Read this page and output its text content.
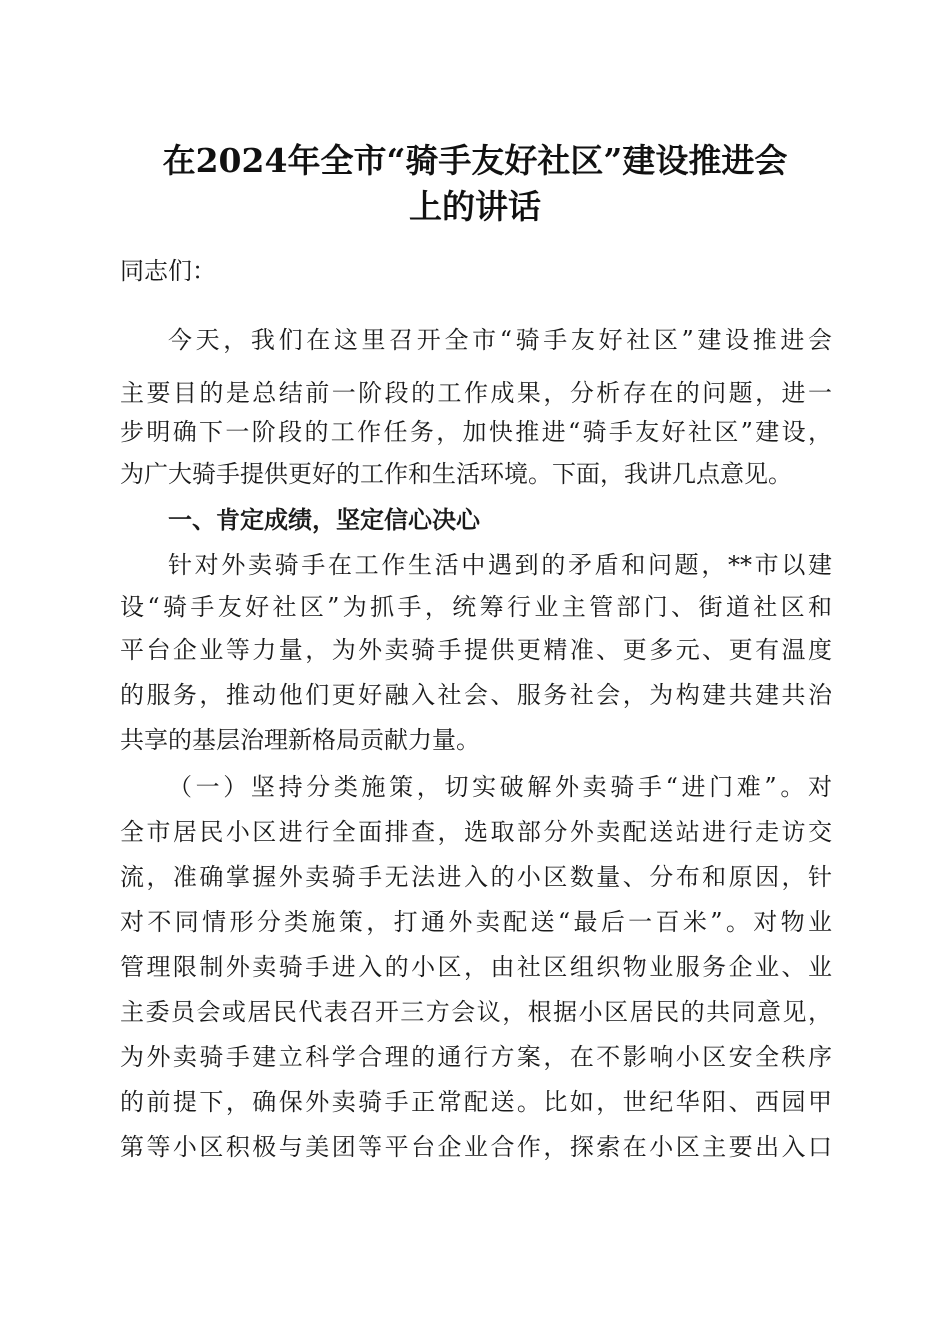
在2024年全市“骑手友好社区”建设推进会
上的讲话
同志们：
今天，我们在这里召开全市“骑手友好社区”建设推进会
主要目的是总结前一阶段的工作成果，分析存在的问题，进一
步明确下一阶段的工作任务，加快推进“骑手友好社区”建设，
为广大骑手提供更好的工作和生活环境。下面，我讲几点意见。
一、肯定成绩，坚定信心决心
针对外卖骑手在工作生活中遇到的矛盾和问题，**市以建
设“骑手友好社区”为抓手，统筹行业主管部门、街道社区和
平台企业等力量，为外卖骑手提供更精准、更多元、更有温度
的服务，推动他们更好融入社会、服务社会，为构建共建共治
共享的基层治理新格局贡献力量。
（一）坚持分类施策，切实破解外卖骑手“进门难”。对
全市居民小区进行全面排查，选取部分外卖配送站进行走访交
流，准确掌握外卖骑手无法进入的小区数量、分布和原因，针
对不同情形分类施策，打通外卖配送“最后一百米”。对物业
管理限制外卖骑手进入的小区，由社区组织物业服务企业、业
主委员会或居民代表召开三方会议，根据小区居民的共同意见，
为外卖骑手建立科学合理的通行方案，在不影响小区安全秩序
的前提下，确保外卖骑手正常配送。比如，世纪华阳、西园甲
第等小区积极与美团等平台企业合作，探索在小区主要出入口
